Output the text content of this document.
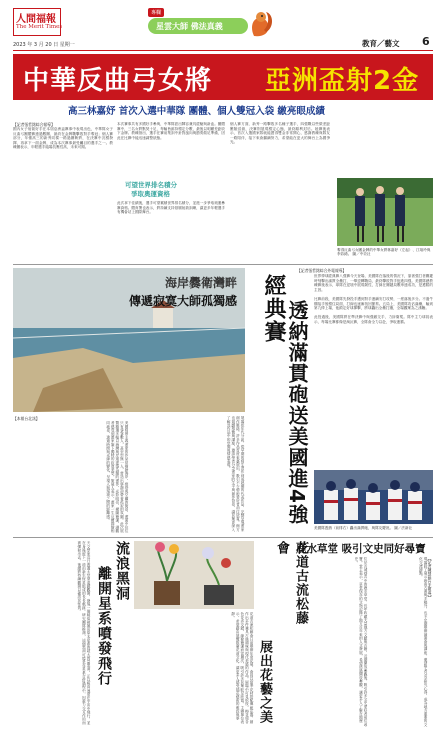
人間福報
The Merit Times
2023 年 3 月 20 日 星期一
專欄
星雲大師 佛法真義
教育／藝文 6
中華反曲弓女將 亞洲盃射2金
高三林嘉妤 首次入選中華隊 團體、個人雙冠入袋 繳亮眼成績
【記者張哲銘綜合報導】
國內女子射箭好手在本屆亞洲盃賽事中表現出色，中華隊女子反曲弓團體賽連過數關，最終在金牌戰擊敗對手奪冠；個人賽部分，年僅高三的新秀同樣一路過關斬將，在決賽中沉穩發揮，再拿下一面金牌，成為本次賽事最受矚目的選手之一。教練團表示，年輕選手臨場抗壓性高，未來可期。
本次賽事共有多國好手參與，中華隊派出陣容兼具經驗與新血。團體賽中，三名女將默契十足，每輪皆維持穩定分數，最後以明顯差距收下金牌。教練指出，選手在賽前集訓中針對風向與節奏做足準備，因此在比賽中能迅速調整狀態。
可望世界排名積分
爭取奧運資格
此次拿下佳績後，選手可望累積世界排名積分，並進一步爭取奧運參賽資格。體育署也表示，將持續支持基層射箭訓練，讓更多年輕選手有機會站上國際舞台。
個人賽方面，新秀一路擊敗多名種子選手，四強戰以些微差距驚險晉級，決賽則展現穩定心態，最終順利封后。她賽後表示，首次入選國家隊就能獲得雙金非常開心，感謝教練與隊友一路陪伴，接下來會繼續努力，希望能在更大的舞台上為國爭光。
奪得反曲弓女團金牌的中華女將林嘉妤（左起）、江翊玲與李彩綺。 圖／中央社
海岸爨衛灣畔
傳遞寂寞大師孤獨感
【本報台北訊】
美國寫實主義畫家的作品常描繪海岸、燈塔與空曠的街景，畫面中往往只有寥寥數人，甚至空無一人，營造出寧靜卻帶著孤寂的氛圍。此次展覽精選多幅以海灣與岸邊建築為題的畫作，光影明亮、構圖簡潔，讓觀者感受到畫家筆下獨特的寂寞美學。策展人表示，畫家一生反覆描繪相同地景，透過時間與光線的變化，呈現人與環境之間的距離感。	展場依年代分區，從早期的寫生習作到成熟期的代表作品，完整呈現畫家創作脈絡。許多作品首度來臺展出，吸引不少藝術愛好者前往欣賞。館方也規劃導覽與講座，邀請學者分享畫家的生平與創作背景，讓民眾更深入了解其作品中的空間與情感表現。
【記者張哲銘綜合外電報導】
經典賽 透納滿貫砲送美國進4強
世界棒球經典賽八強賽今天登場，美國隊在落後的情況下，靠著強打者關鍵時刻擊出滿貫全壘打，一舉逆轉戰局，最終擊敗對手挺進四強。美國隊總教練賽後表示，球隊在逆境中展現韌性，打線在關鍵局數串連成功，是獲勝的主因。

比賽前段，美國隊先發投手遭到對手連續安打攻勢，一度落後多分。不過牛棚接手後穩住局面，打線也逐漸找回節奏。五局上，美國隊攻佔滿壘，輪到第九棒上場，他鎖定好球揮擊，將球轟出全壘打牆，全場觀眾為之沸騰。

此役過後，美國隊將在準決賽中與強敵交手，力拚衛冕。隊中主力球員表示，每場比賽都像是淘汰賽，全隊會全力以赴，爭取連霸。
美國隊透納（前排右）轟出滿貫砲，與隊友慶祝。 圖／法新社
流浪黑洞
離開星系噴發飛行
天文學家近日透過太空望遠鏡觀測，發現一個疑似被拋出原本星系的超大質量黑洞，正以極高速度在宇宙中飛行，並在身後留下一道由新生恆星組成的長長軌跡。研究團隊推測，這個黑洞可能是在星系合併過程中，因重力交互作用而被彈射出去。後續將持續觀測以確認其性質。
花道古流松藤會日前舉辦年度花展，會員以當季花材搭配傳統花器，創作出多件兼具古典韻味與現代美感的作品。展場中可見松枝、梅花與各色花卉交錯，線條簡潔而富層次，吸引許多民眾駐足欣賞。主辦單位表示，希望藉由展覽推廣花道文化，讓更多人感受插花藝術的雅致與寧靜。	花道古流松藤會
展出花藝之美
鹿水草堂 吸引文史同好尋寶
位於古城巷弄中的鹿水草堂，長年收藏大量地方文獻與古籍，近期開放參觀後，吸引許多文史愛好者前往尋寶。堂主表示，草堂保存的文物記錄了地方百年來的人文發展，希望透過開放參觀，讓更多人了解在地歷史。	現場除了展示珍貴古書與手稿外，也不定期舉辦讀書會與講座，邀請學者分享研究心得，成為地方重要的文化交流據點。	【記者陳慧娟台北報導】
